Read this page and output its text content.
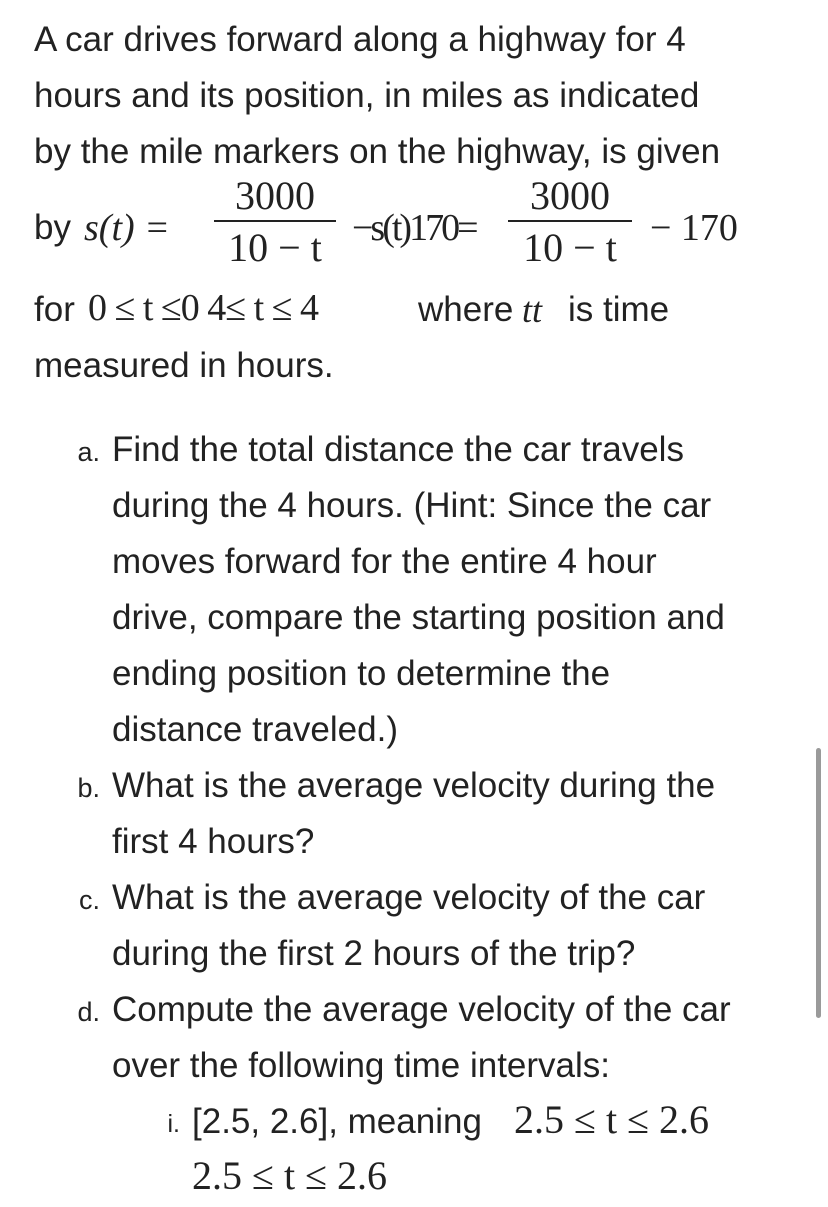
A car drives forward along a highway for 4
hours and its position, in miles as indicated
by the mile markers on the highway, is given
by s(t) =
3000
10 − t −s(t)170=
3000
10 − t − 170
for 0 ≤ t ≤0 4≤ t ≤ 4	where tt is time
measured in hours.
a. Find the total distance the car travels
during the 4 hours. (Hint: Since the car
moves forward for the entire 4 hour
drive, compare the starting position and
ending position to determine the
distance traveled.)
b. What is the average velocity during the
first 4 hours?
c. What is the average velocity of the car
during the first 2 hours of the trip?
d. Compute the average velocity of the car
over the following time intervals:
i. [2.5, 2.6], meaning 2.5 ≤ t ≤ 2.6
2.5 ≤ t ≤ 2.6
